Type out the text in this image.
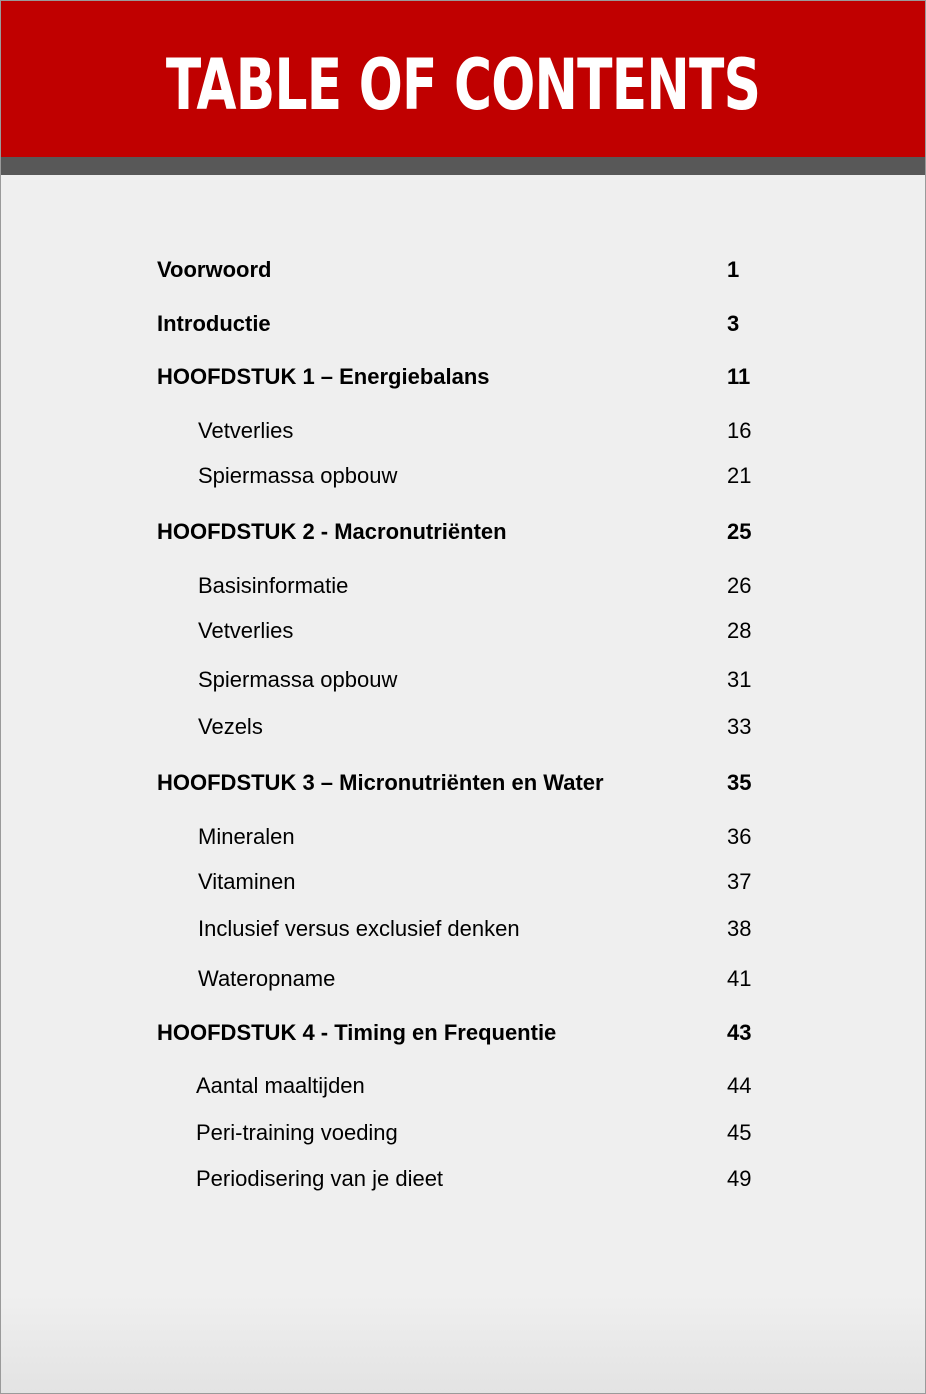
TABLE OF CONTENTS
Voorwoord	1
Introductie	3
HOOFDSTUK 1 – Energiebalans	11
Vetverlies	16
Spiermassa opbouw	21
HOOFDSTUK 2 - Macronutriënten	25
Basisinformatie	26
Vetverlies	28
Spiermassa opbouw	31
Vezels	33
HOOFDSTUK 3 – Micronutriënten en Water	35
Mineralen	36
Vitaminen	37
Inclusief versus exclusief denken	38
Wateropname	41
HOOFDSTUK 4 - Timing en Frequentie	43
Aantal maaltijden	44
Peri-training voeding	45
Periodisering van je dieet	49
